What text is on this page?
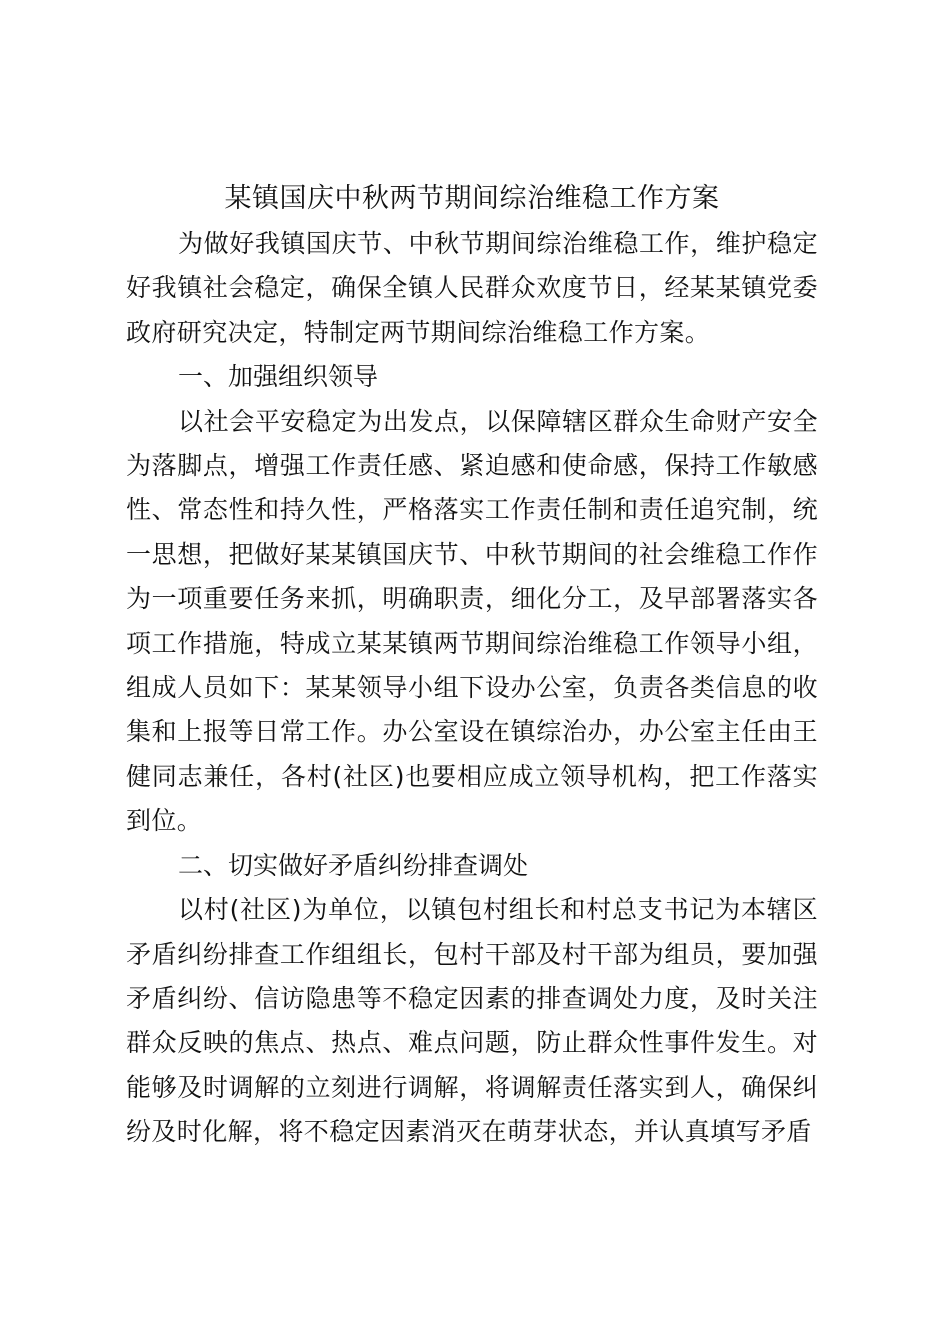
某镇国庆中秋两节期间综治维稳工作方案

为做好我镇国庆节、中秋节期间综治维稳工作，维护稳定好我镇社会稳定，确保全镇人民群众欢度节日，经某某镇党委政府研究决定，特制定两节期间综治维稳工作方案。

一、加强组织领导

以社会平安稳定为出发点，以保障辖区群众生命财产安全为落脚点，增强工作责任感、紧迫感和使命感，保持工作敏感性、常态性和持久性，严格落实工作责任制和责任追究制，统一思想，把做好某某镇国庆节、中秋节期间的社会维稳工作作为一项重要任务来抓，明确职责，细化分工，及早部署落实各项工作措施，特成立某某镇两节期间综治维稳工作领导小组，组成人员如下：某某领导小组下设办公室，负责各类信息的收集和上报等日常工作。办公室设在镇综治办，办公室主任由王健同志兼任，各村(社区)也要相应成立领导机构，把工作落实到位。

二、切实做好矛盾纠纷排查调处

以村(社区)为单位，以镇包村组长和村总支书记为本辖区矛盾纠纷排查工作组组长，包村干部及村干部为组员，要加强矛盾纠纷、信访隐患等不稳定因素的排查调处力度，及时关注群众反映的焦点、热点、难点问题，防止群众性事件发生。对能够及时调解的立刻进行调解，将调解责任落实到人，确保纠纷及时化解，将不稳定因素消灭在萌芽状态，并认真填写矛盾
